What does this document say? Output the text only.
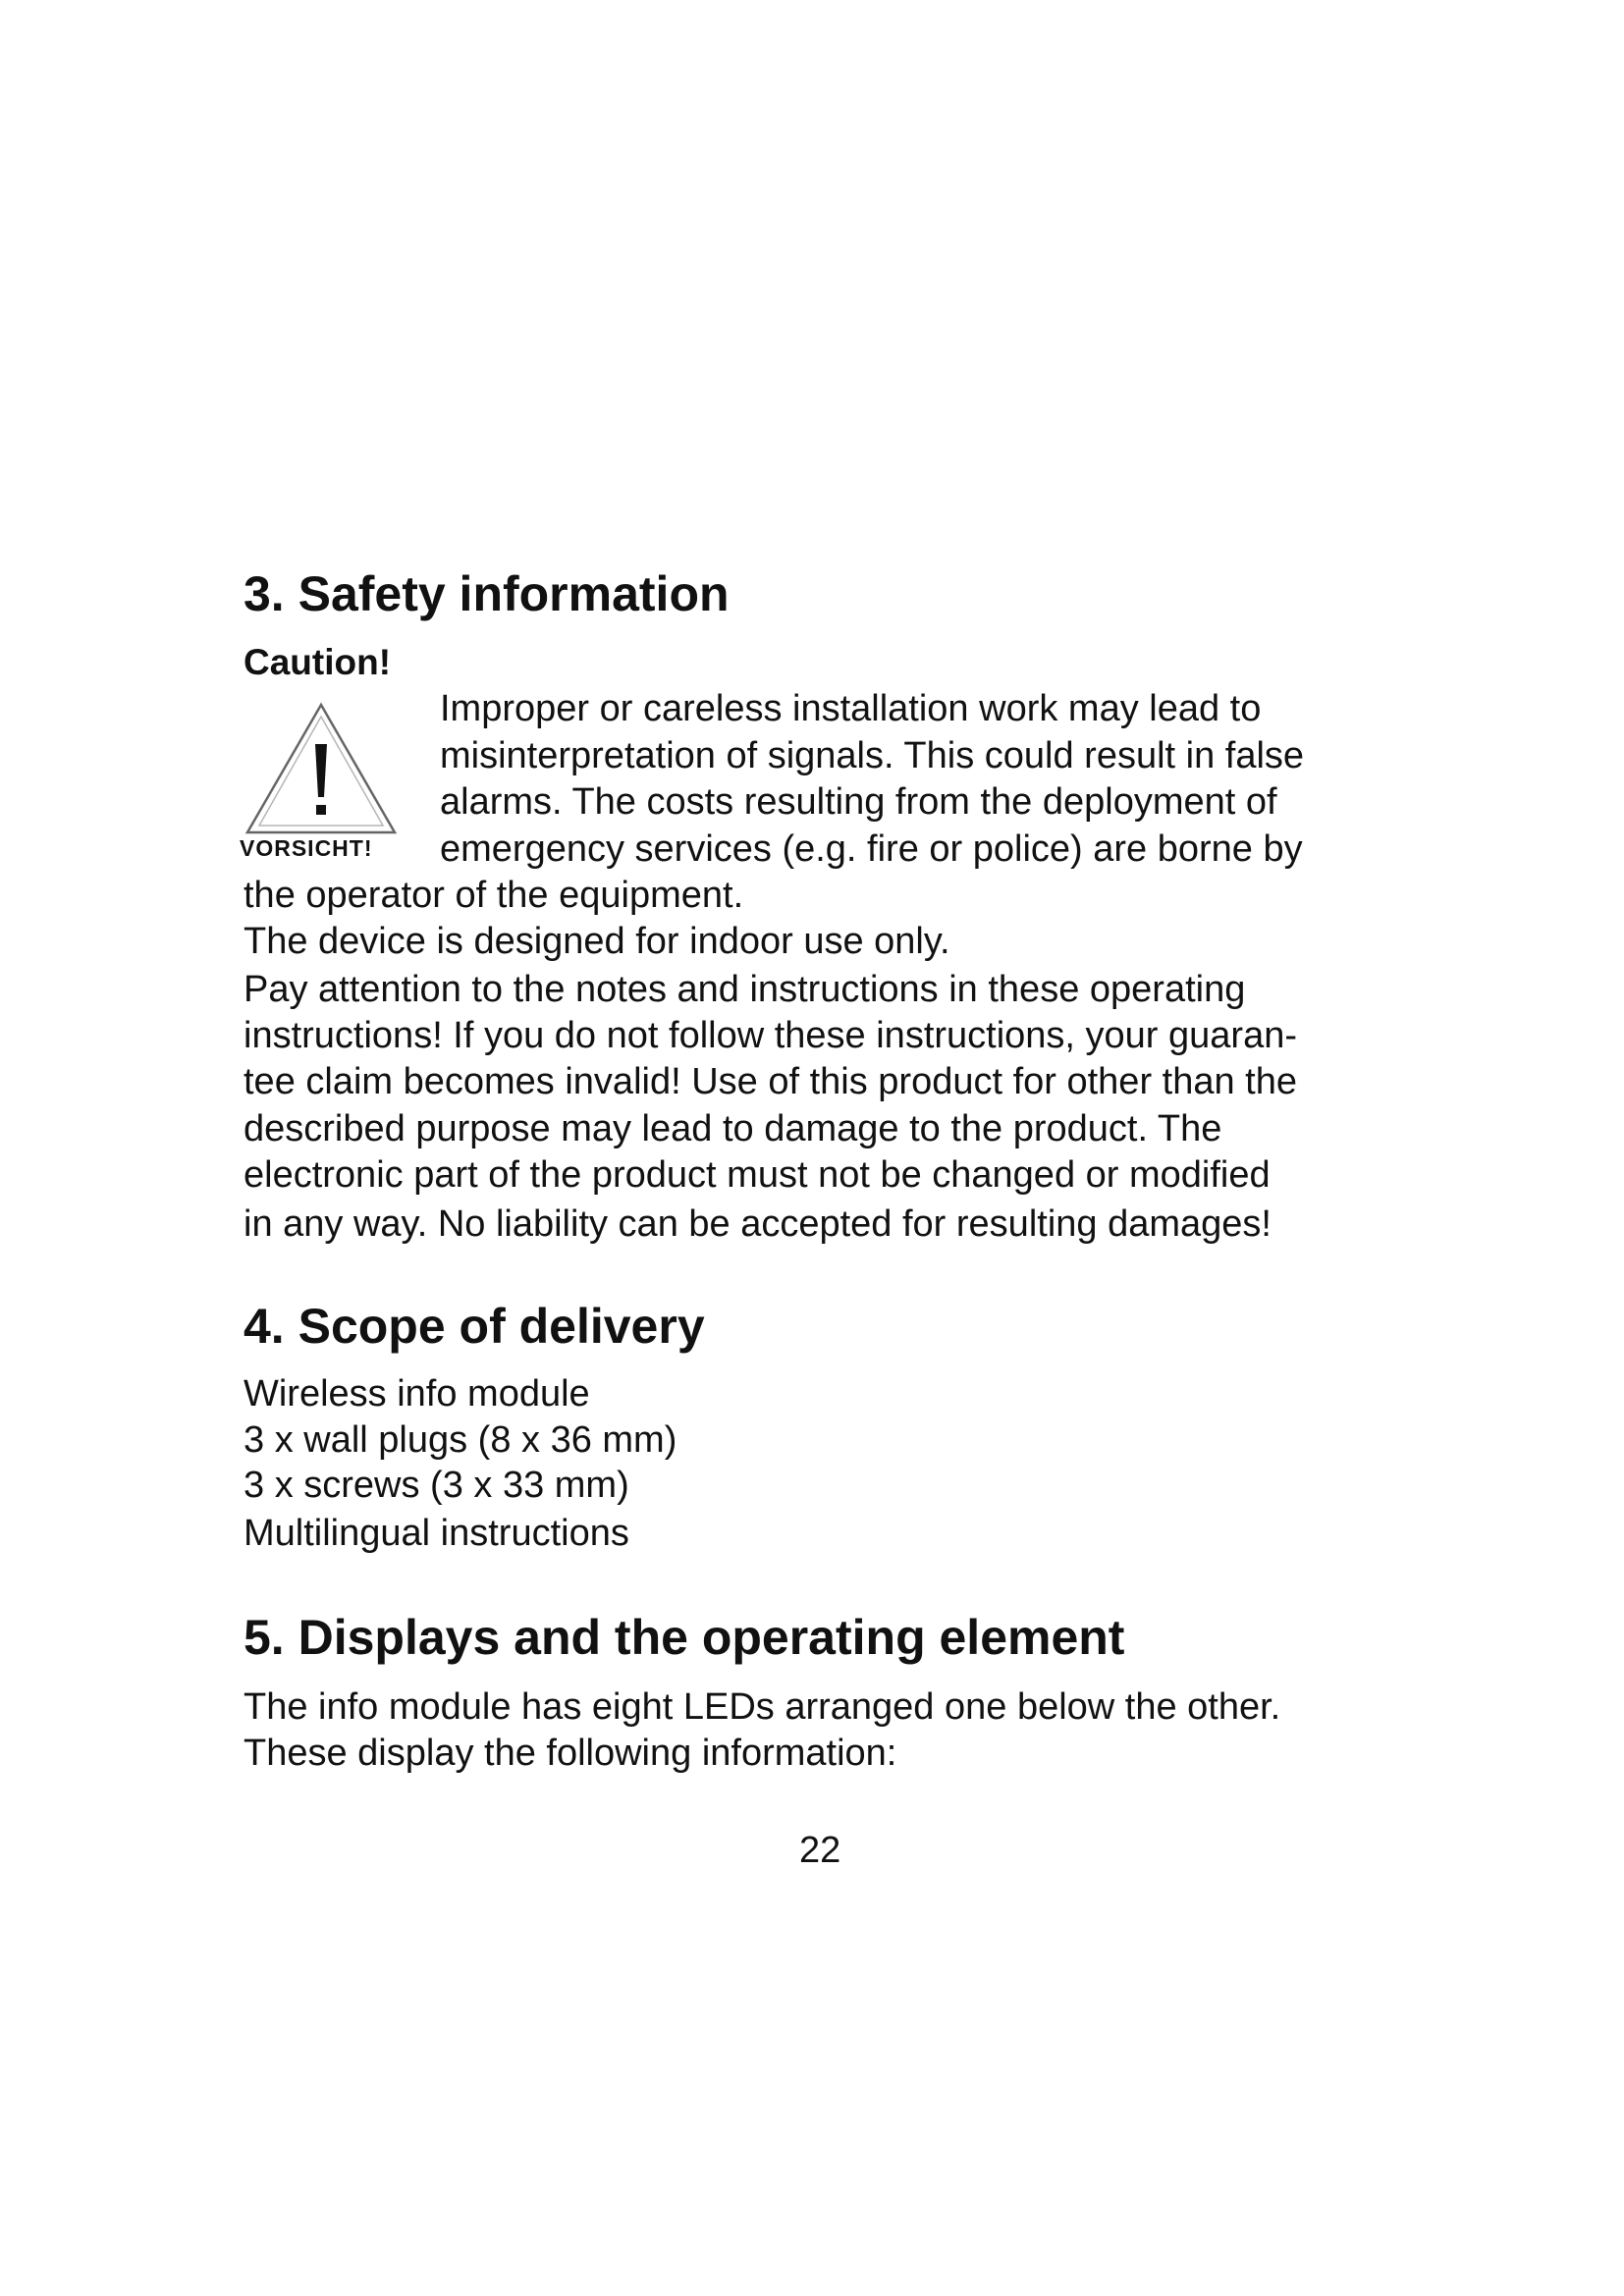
3. Safety information
Caution!
VORSICHT!

Improper or careless installation work may lead to

misinterpretation of signals. This could result in false

alarms. The costs resulting from the deployment of

emergency services (e.g. fire or police) are borne by

the operator of the equipment.

The device is designed for indoor use only.

Pay attention to the notes and instructions in these operating

instructions! If you do not follow these instructions, your guaran-

tee claim becomes invalid! Use of this product for other than the

described purpose may lead to damage to the product. The

electronic part of the product must not be changed or modified

in any way. No liability can be accepted for resulting damages!

4. Scope of delivery

Wireless info module

3 x wall plugs (8 x 36 mm)

3 x screws (3 x 33 mm)

Multilingual instructions

5. Displays and the operating element

The info module has eight LEDs arranged one below the other.

These display the following information:

22
